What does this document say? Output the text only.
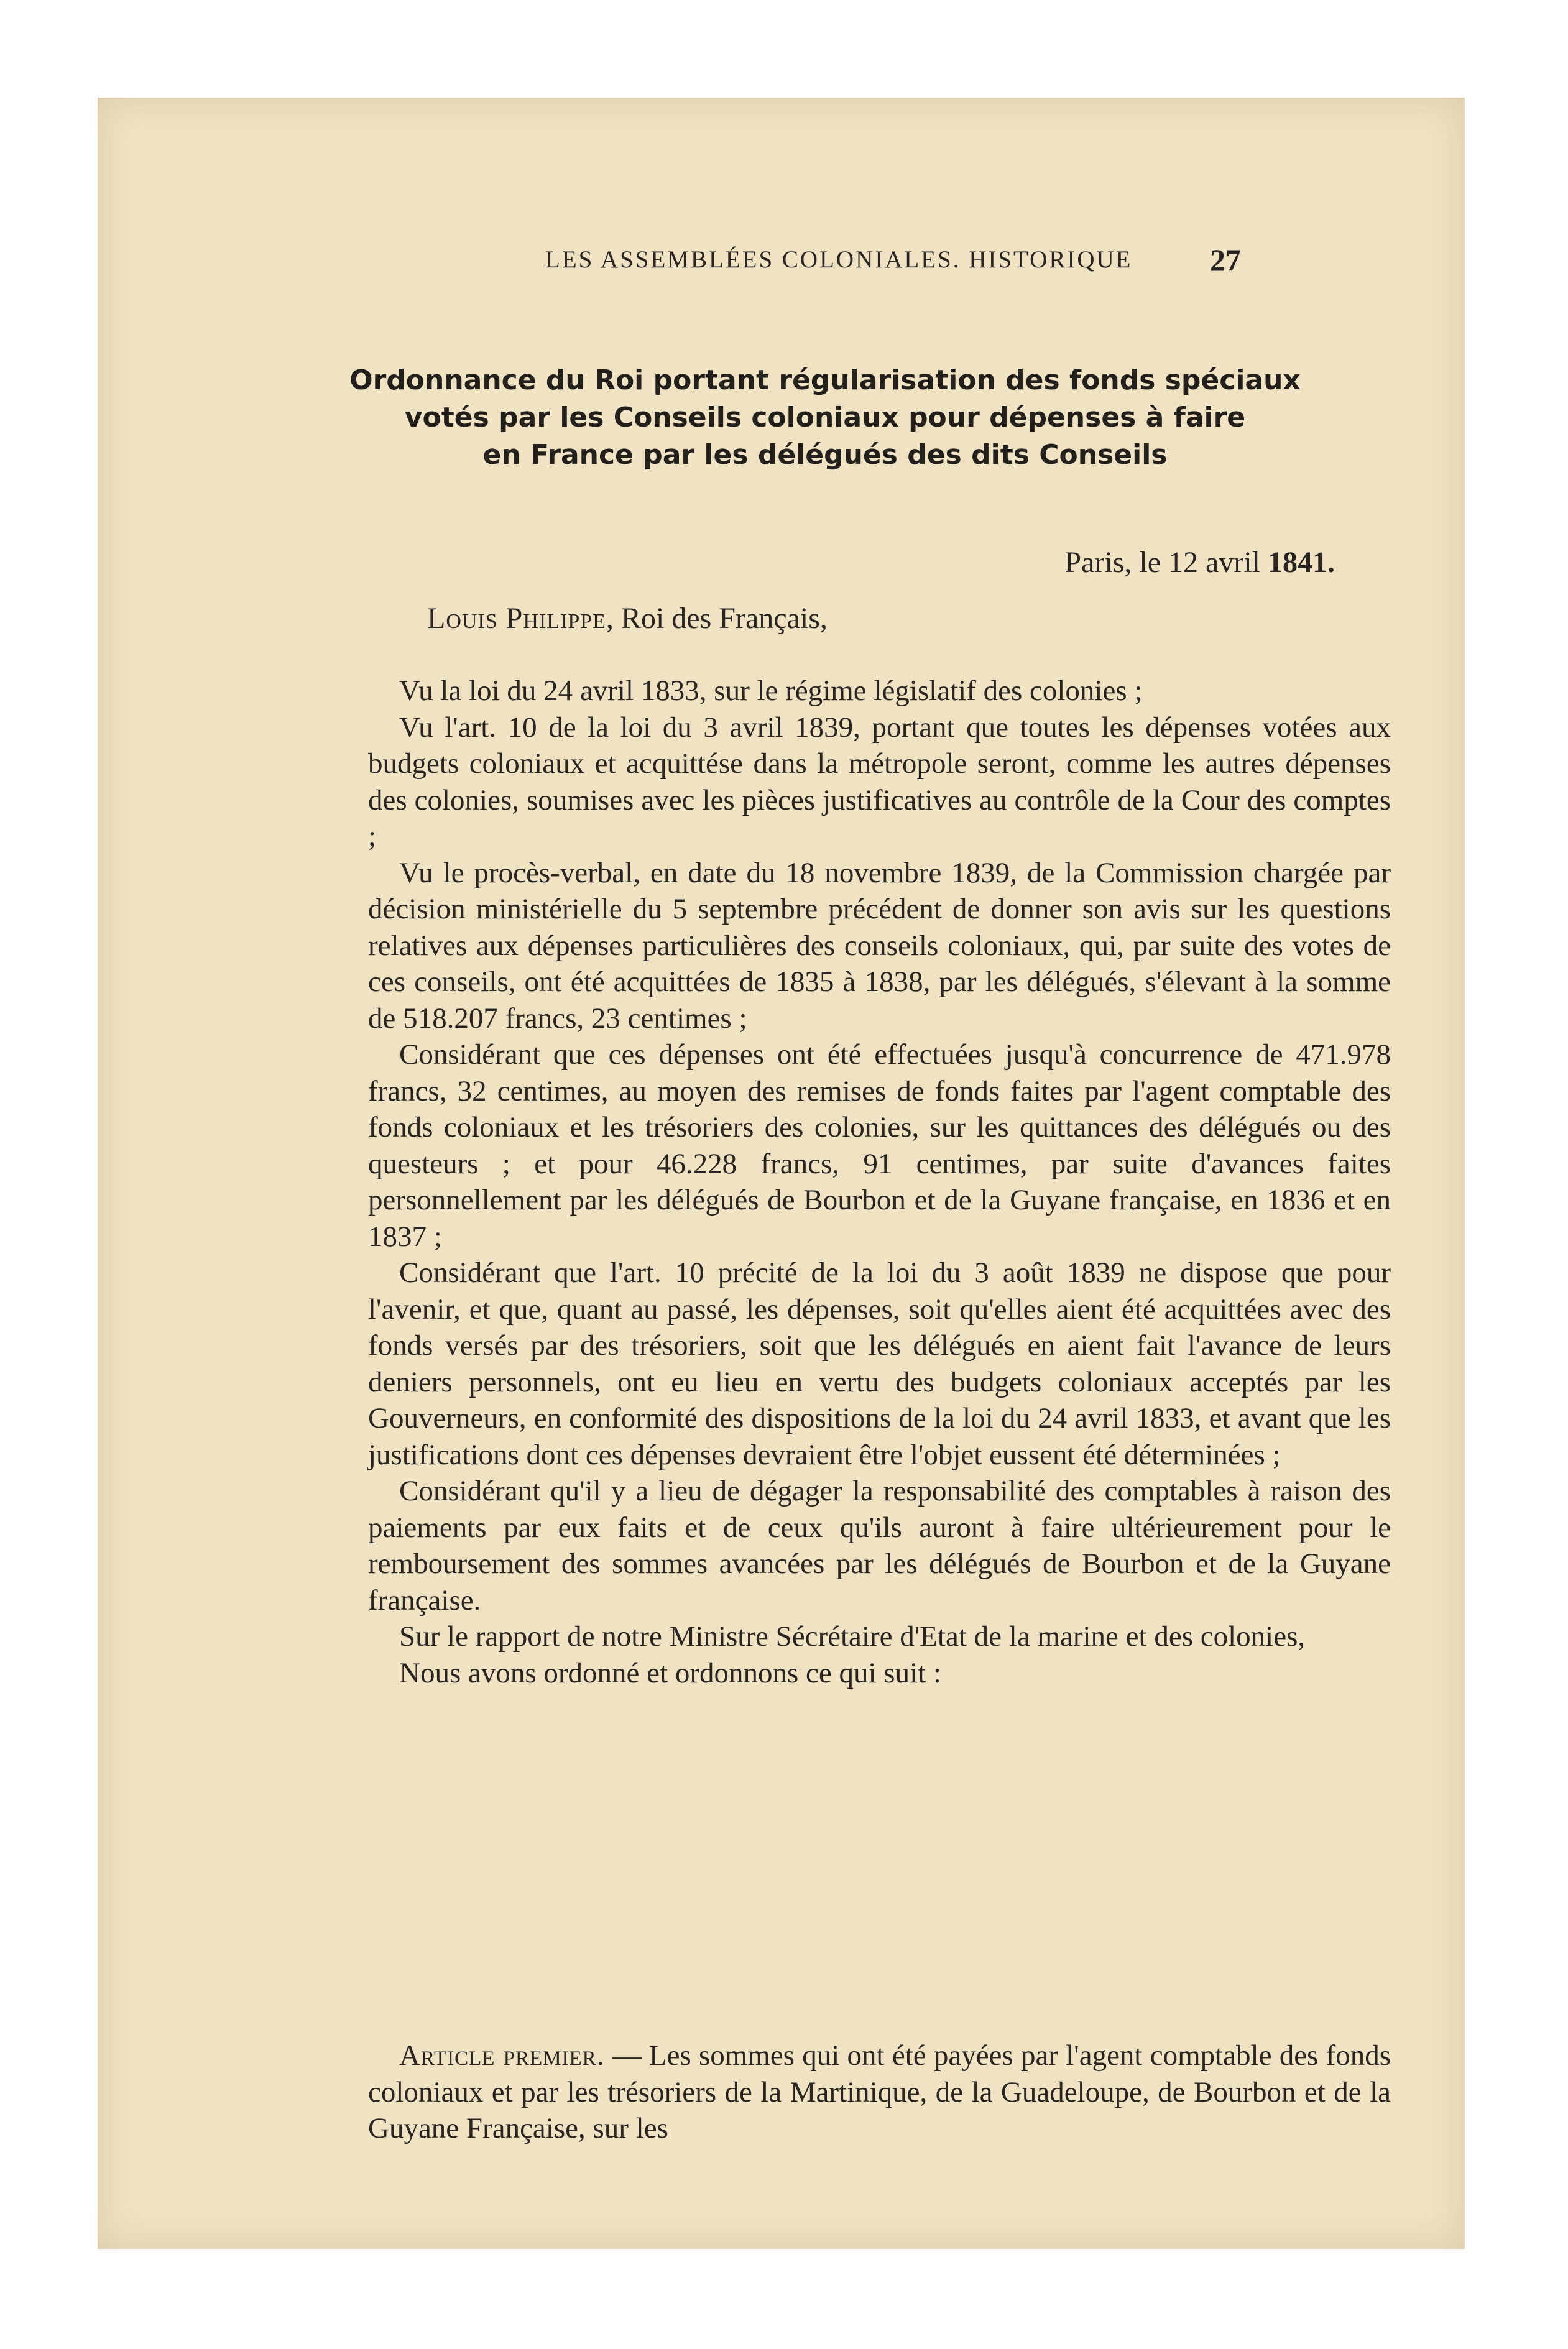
LES ASSEMBLÉES COLONIALES. HISTORIQUE 27
Ordonnance du Roi portant régularisation des fonds spéciaux
votés par les Conseils coloniaux pour dépenses à faire
en France par les délégués des dits Conseils
Paris, le 12 avril 1841.
Louis Philippe, Roi des Français,

Vu la loi du 24 avril 1833, sur le régime législatif des colonies ;

Vu l'art. 10 de la loi du 3 avril 1839, portant que toutes les dépenses votées aux budgets coloniaux et acquittése dans la métropole seront, comme les autres dépenses des colonies, soumises avec les pièces justificatives au contrôle de la Cour des comptes ;

Vu le procès-verbal, en date du 18 novembre 1839, de la Commission chargée par décision ministérielle du 5 septembre précédent de donner son avis sur les questions relatives aux dépenses particulières des conseils coloniaux, qui, par suite des votes de ces conseils, ont été acquittées de 1835 à 1838, par les délégués, s'élevant à la somme de 518.207 francs, 23 centimes ;

Considérant que ces dépenses ont été effectuées jusqu'à concurrence de 471.978 francs, 32 centimes, au moyen des remises de fonds faites par l'agent comptable des fonds coloniaux et les trésoriers des colonies, sur les quittances des délégués ou des questeurs ; et pour 46.228 francs, 91 centimes, par suite d'avances faites personnellement par les délégués de Bourbon et de la Guyane française, en 1836 et en 1837 ;

Considérant que l'art. 10 précité de la loi du 3 août 1839 ne dispose que pour l'avenir, et que, quant au passé, les dépenses, soit qu'elles aient été acquittées avec des fonds versés par des trésoriers, soit que les délégués en aient fait l'avance de leurs deniers personnels, ont eu lieu en vertu des budgets coloniaux acceptés par les Gouverneurs, en conformité des dispositions de la loi du 24 avril 1833, et avant que les justifications dont ces dépenses devraient être l'objet eussent été déterminées ;

Considérant qu'il y a lieu de dégager la responsabilité des comptables à raison des paiements par eux faits et de ceux qu'ils auront à faire ultérieurement pour le remboursement des sommes avancées par les délégués de Bourbon et de la Guyane française.

Sur le rapport de notre Ministre Sécrétaire d'Etat de la marine et des colonies,

Nous avons ordonné et ordonnons ce qui suit :

Article premier. — Les sommes qui ont été payées par l'agent comptable des fonds coloniaux et par les trésoriers de la Martinique, de la Guadeloupe, de Bourbon et de la Guyane Française, sur les
